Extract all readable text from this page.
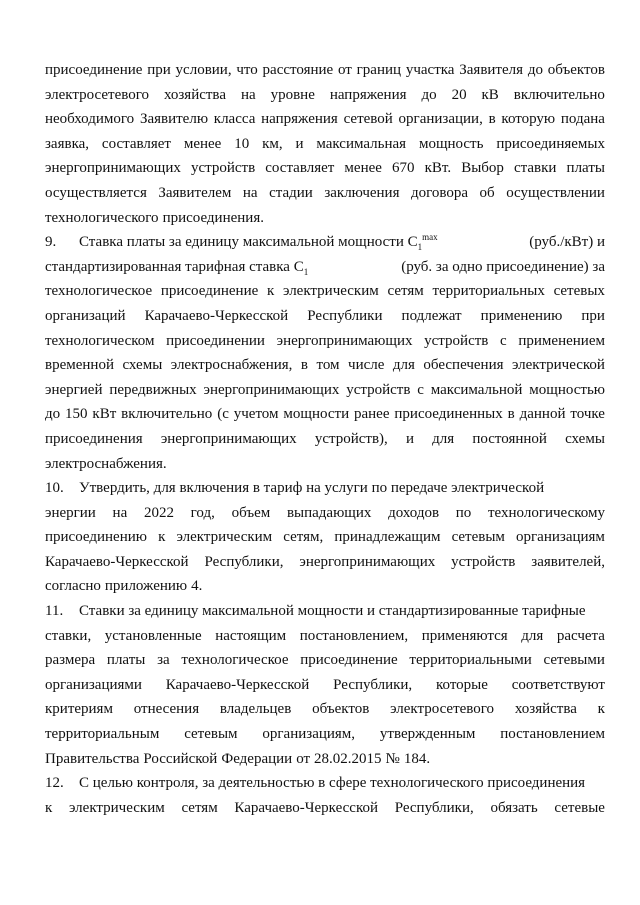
присоединение при условии, что расстояние от границ участка Заявителя до объектов
электросетевого хозяйства на уровне напряжения до 20 кВ включительно
необходимого Заявителю класса напряжения сетевой организации, в которую подана
заявка, составляет менее 10 км, и максимальная мощность присоединяемых
энергопринимающих устройств составляет менее 670 кВт. Выбор ставки платы
осуществляется Заявителем на стадии заключения договора об осуществлении
технологического присоединения.
9. Ставка платы за единицу максимальной мощности $C_1^{max}$	(руб./кВт) и
стандартизированная тарифная ставка $C_1$	(руб. за одно присоединение) за
технологическое присоединение к электрическим сетям территориальных сетевых
организаций Карачаево-Черкесской Республики подлежат применению при
технологическом присоединении энергопринимающих устройств с применением
временной схемы электроснабжения, в том числе для обеспечения электрической
энергией передвижных энергопринимающих устройств с максимальной мощностью
до 150 кВт включительно (с учетом мощности ранее присоединенных в данной точке
присоединения энергопринимающих устройств), и для постоянной схемы
электроснабжения.
10. Утвердить, для включения в тариф на услуги по передаче электрической
энергии на 2022 год, объем выпадающих доходов по технологическому
присоединению к электрическим сетям, принадлежащим сетевым организациям
Карачаево-Черкесской Республики, энергопринимающих устройств заявителей,
согласно приложению 4.
11. Ставки за единицу максимальной мощности и стандартизированные тарифные
ставки, установленные настоящим постановлением, применяются для расчета
размера платы за технологическое присоединение территориальными сетевыми
организациями Карачаево-Черкесской Республики, которые соответствуют
критериям отнесения владельцев объектов электросетевого хозяйства к
территориальным сетевым организациям, утвержденным постановлением
Правительства Российской Федерации от 28.02.2015 № 184.
12. С целью контроля, за деятельностью в сфере технологического присоединения
к электрическим сетям Карачаево-Черкесской Республики, обязать сетевые
